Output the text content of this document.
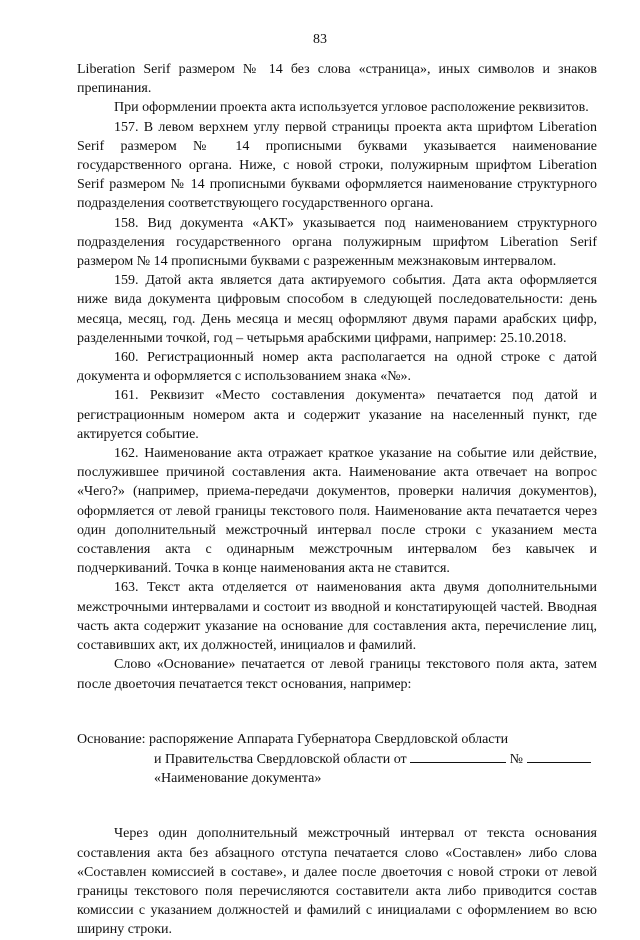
83

Liberation Serif размером № 14 без слова «страница», иных символов и знаков препинания.

При оформлении проекта акта используется угловое расположение реквизитов.

157. В левом верхнем углу первой страницы проекта акта шрифтом Liberation Serif размером № 14 прописными буквами указывается наименование государственного органа. Ниже, с новой строки, полужирным шрифтом Liberation Serif размером № 14 прописными буквами оформляется наименование структурного подразделения соответствующего государственного органа.

158. Вид документа «АКТ» указывается под наименованием структурного подразделения государственного органа полужирным шрифтом Liberation Serif размером № 14 прописными буквами с разреженным межзнаковым интервалом.

159. Датой акта является дата актируемого события. Дата акта оформляется ниже вида документа цифровым способом в следующей последовательности: день месяца, месяц, год. День месяца и месяц оформляют двумя парами арабских цифр, разделенными точкой, год – четырьмя арабскими цифрами, например: 25.10.2018.

160. Регистрационный номер акта располагается на одной строке с датой документа и оформляется с использованием знака «№».

161. Реквизит «Место составления документа» печатается под датой и регистрационным номером акта и содержит указание на населенный пункт, где актируется событие.

162. Наименование акта отражает краткое указание на событие или действие, послужившее причиной составления акта. Наименование акта отвечает на вопрос «Чего?» (например, приема-передачи документов, проверки наличия документов), оформляется от левой границы текстового поля. Наименование акта печатается через один дополнительный межстрочный интервал после строки с указанием места составления акта с одинарным межстрочным интервалом без кавычек и подчеркиваний. Точка в конце наименования акта не ставится.

163. Текст акта отделяется от наименования акта двумя дополнительными межстрочными интервалами и состоит из вводной и констатирующей частей. Вводная часть акта содержит указание на основание для составления акта, перечисление лиц, составивших акт, их должностей, инициалов и фамилий.

Слово «Основание» печатается от левой границы текстового поля акта, затем после двоеточия печатается текст основания, например:

Основание: распоряжение Аппарата Губернатора Свердловской области
и Правительства Свердловской области от	№
«Наименование документа»

Через один дополнительный межстрочный интервал от текста основания составления акта без абзацного отступа печатается слово «Составлен» либо слова «Составлен комиссией в составе», и далее после двоеточия с новой строки от левой границы текстового поля перечисляются составители акта либо приводится состав комиссии с указанием должностей и фамилий с инициалами с оформлением во всю ширину строки.
